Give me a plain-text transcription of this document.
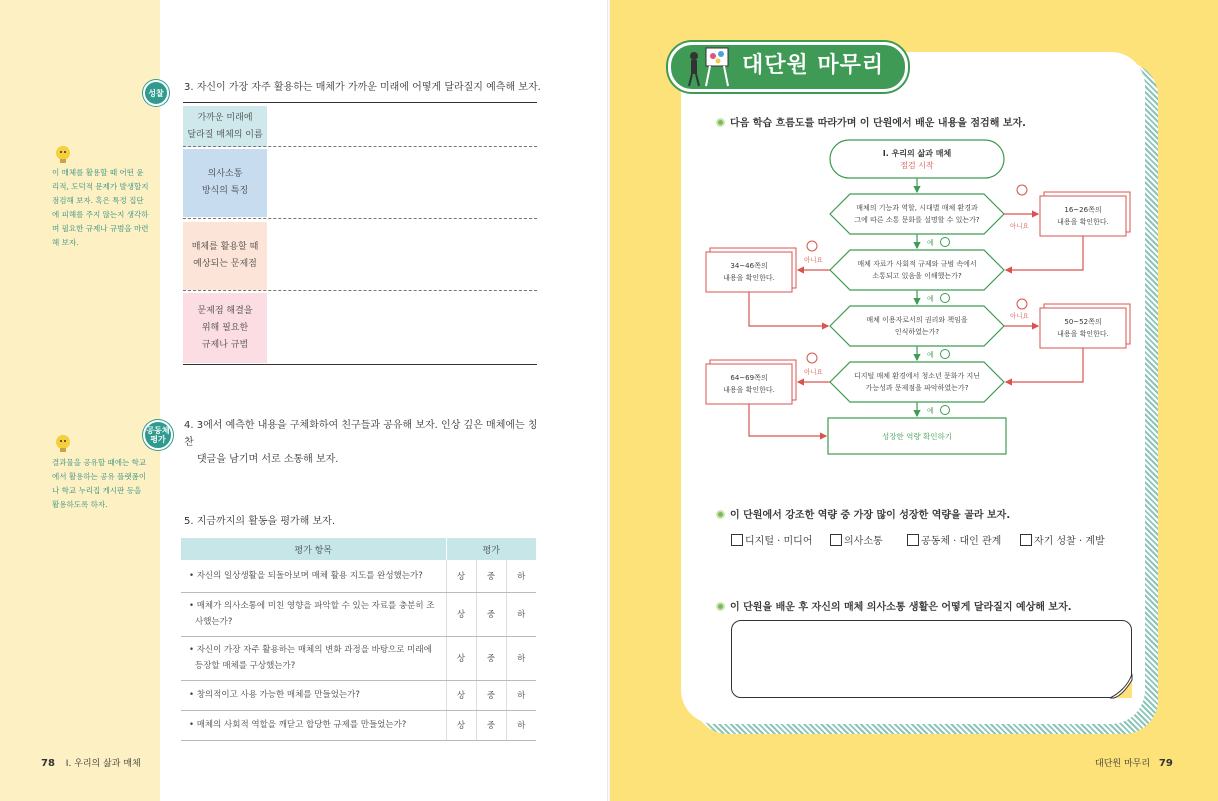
성찰	3. 자신이 가장 자주 활용하는 매체가 가까운 미래에 어떻게 달라질지 예측해 보자.
이 매체를 활용할 때 어떤 윤
리적, 도덕적 문제가 발생할지
점검해 보자. 혹은 특정 집단
에 피해를 주지 않는지 생각하
며 필요한 규제나 규범을 마련
해 보자.
가까운 미래에
달라질 매체의 이름
의사소통
방식의 특징
매체를 활용할 때
예상되는 문제점
문제점 해결을
위해 필요한
규제나 규범
공동체
평가
4. 3에서 예측한 내용을 구체화하여 친구들과 공유해 보자. 인상 깊은 매체에는 칭찬
댓글을 남기며 서로 소통해 보자.
결과물을 공유할 때에는 학교
에서 활용하는 공유 플랫폼이
나 학교 누리집 게시판 등을
활용하도록 하자.
5. 지금까지의 활동을 평가해 보자.
평가 항목	평가		

• 자신의 일상생활을 되돌아보며 매체 활용 지도를 완성했는가?	상	중	하

• 매체가 의사소통에 미친 영향을 파악할 수 있는 자료를 충분히 조
사했는가?	상	중	하

• 자신이 가장 자주 활용하는 매체의 변화 과정을 바탕으로 미래에
등장할 매체를 구상했는가?	상	중	하

• 창의적이고 사용 가능한 매체를 만들었는가?	상	중	하

• 매체의 사회적 역할을 깨닫고 합당한 규제를 만들었는가?	상	중	하
78 Ⅰ. 우리의 삶과 매체
대단원 마무리
다음 학습 흐름도를 따라가며 이 단원에서 배운 내용을 점검해 보자.
Ⅰ. 우리의 삶과 매체
점검 시작
매체의 기능과 역할, 시대별 매체 환경과
그에 따른 소통 문화를 설명할 수 있는가?
예
매체 자료가 사회적 규제와 규범 속에서
소통되고 있음을 이해했는가?
예
매체 이용자로서의 권리와 책임을
인식하였는가?
예
디지털 매체 환경에서 청소년 문화가 지닌
가능성과 문제점을 파악하였는가?
예
성장한 역량 확인하기
아니요
16~26쪽의
내용을 확인한다.
아니요
50~52쪽의
내용을 확인한다.
아니요
34~46쪽의
내용을 확인한다.
아니요
64~69쪽의
내용을 확인한다.
이 단원에서 강조한 역량 중 가장 많이 성장한 역량을 골라 보자.
디지털 · 미디어	의사소통	공동체 · 대인 관계	자기 성찰 · 계발
이 단원을 배운 후 자신의 매체 의사소통 생활은 어떻게 달라질지 예상해 보자.
대단원 마무리 79
